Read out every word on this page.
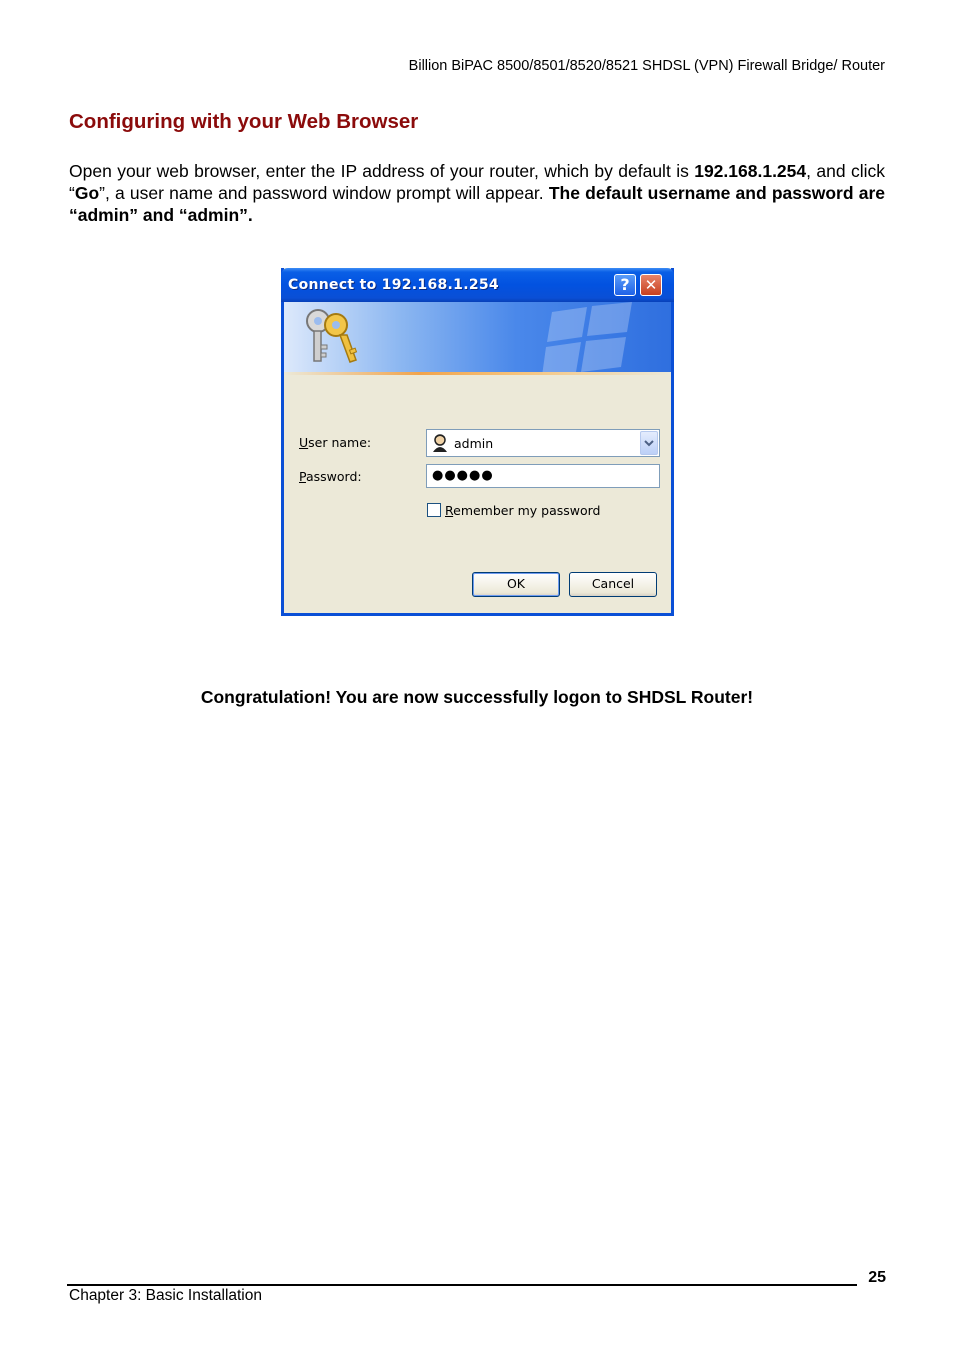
Billion BiPAC 8500/8501/8520/8521 SHDSL (VPN) Firewall Bridge/ Router
Configuring with your Web Browser
Open your web browser, enter the IP address of your router, which by default is 192.168.1.254, and click “Go”, a user name and password window prompt will appear. The default username and password are “admin” and “admin”.
Connect to 192.168.1.254	?	✕
User name:	admin
Password:	●●●●●
Remember my password
OK	Cancel
Congratulation! You are now successfully logon to SHDSL Router!
25
Chapter 3: Basic Installation
